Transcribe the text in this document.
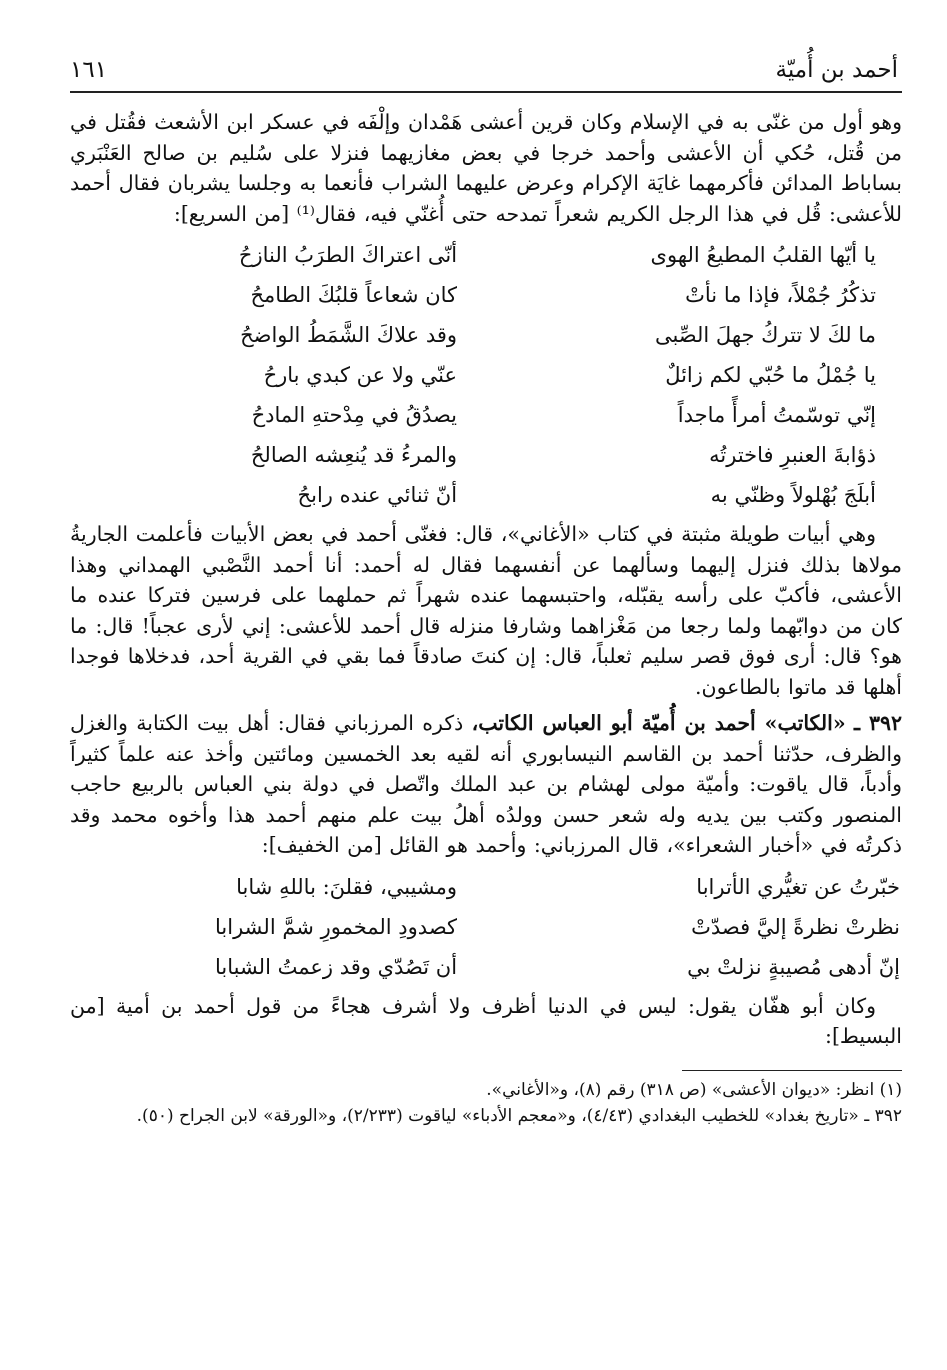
أحمد بن أُميّة
١٦١

وهو أول من غنّى به في الإسلام وكان قرين أعشى هَمْدان وإلْفَه في عسكر ابن الأشعث فقُتل في من قُتل، حُكي أن الأعشى وأحمد خرجا في بعض مغازيهما فنزلا على سُليم بن صالح العَنْبَري بساباط المدائن فأكرمهما غايَة الإكرام وعرض عليهما الشراب فأنعما به وجلسا يشربان فقال أحمد للأعشى: قُل في هذا الرجل الكريم شعراً تمدحه حتى أُغنّي فيه، فقال⁽¹⁾ [من السريع]:

يا أيّها القلبُ المطيعُ الهوى
أنّى اعتراكَ الطرَبُ النازحُ
تذكُرُ جُمْلاً، فإذا ما نأتْ
كان شعاعاً قلبُكَ الطامحُ
ما لكَ لا تتركُ جهلَ الصِّبى
وقد علاكَ الشَّمَطُ الواضحُ
يا جُمْلُ ما حُبّي لكم زائلٌ
عنّي ولا عن كبدي بارحُ
إنّي توسّمتُ أمرأً ماجداً
يصدُقُ في مِدْحتهِ المادحُ
ذؤابةَ العنبرِ فاخترتُه
والمرءُ قد يُنعِشه الصالحُ
أبلَجَ بُهْلولاً وظنّي به
أنّ ثنائي عنده رابحُ

وهي أبيات طويلة مثبتة في كتاب «الأغاني»، قال: فغنّى أحمد في بعض الأبيات فأعلمت الجاريةُ مولاها بذلك فنزل إليهما وسألهما عن أنفسهما فقال له أحمد: أنا أحمد النَّصْبي الهمداني وهذا الأعشى، فأكبّ على رأسه يقبّله، واحتبسهما عنده شهراً ثم حملهما على فرسين فتركا عنده ما كان من دوابّهما ولما رجعا من مَغْزاهما وشارفا منزله قال أحمد للأعشى: إني لأرى عجباً! قال: ما هو؟ قال: أرى فوق قصر سليم ثعلباً، قال: إن كنتَ صادقاً فما بقي في القرية أحد، فدخلاها فوجدا أهلها قد ماتوا بالطاعون.

٣٩٢ ـ «الكاتب» أحمد بن أُميّة أبو العباس الكاتب، ذكره المرزباني فقال: أهل بيت الكتابة والغزل والظرف، حدّثنا أحمد بن القاسم النيسابوري أنه لقيه بعد الخمسين ومائتين وأخذ عنه علماً كثيراً وأدباً، قال ياقوت: وأميّة مولى لهشام بن عبد الملك واتّصل في دولة بني العباس بالربيع حاجب المنصور وكتب بين يديه وله شعر حسن وولدُه أهلُ بيت علم منهم أحمد هذا وأخوه محمد وقد ذكرتُه في «أخبار الشعراء»، قال المرزباني: وأحمد هو القائل [من الخفيف]:

خبّرتُ عن تغيُّري الأترابا
ومشيبي، فقلنَ: باللهِ شابا
نظرتْ نظرةً إليَّ فصدّتْ
كصدودِ المخمورِ شمَّ الشرابا
إنّ أدهى مُصيبةٍ نزلتْ بي
أن تَصُدّي وقد زعمتُ الشبابا

وكان أبو هفّان يقول: ليس في الدنيا أظرف ولا أشرف هجاءً من قول أحمد بن أمية [من البسيط]:

(١) انظر: «ديوان الأعشى» (ص ٣١٨) رقم (٨)، و«الأغاني».

٣٩٢ ـ «تاريخ بغداد» للخطيب البغدادي (٤/٤٣)، و«معجم الأدباء» لياقوت (٢/٢٣٣)، و«الورقة» لابن الجراح (٥٠).
